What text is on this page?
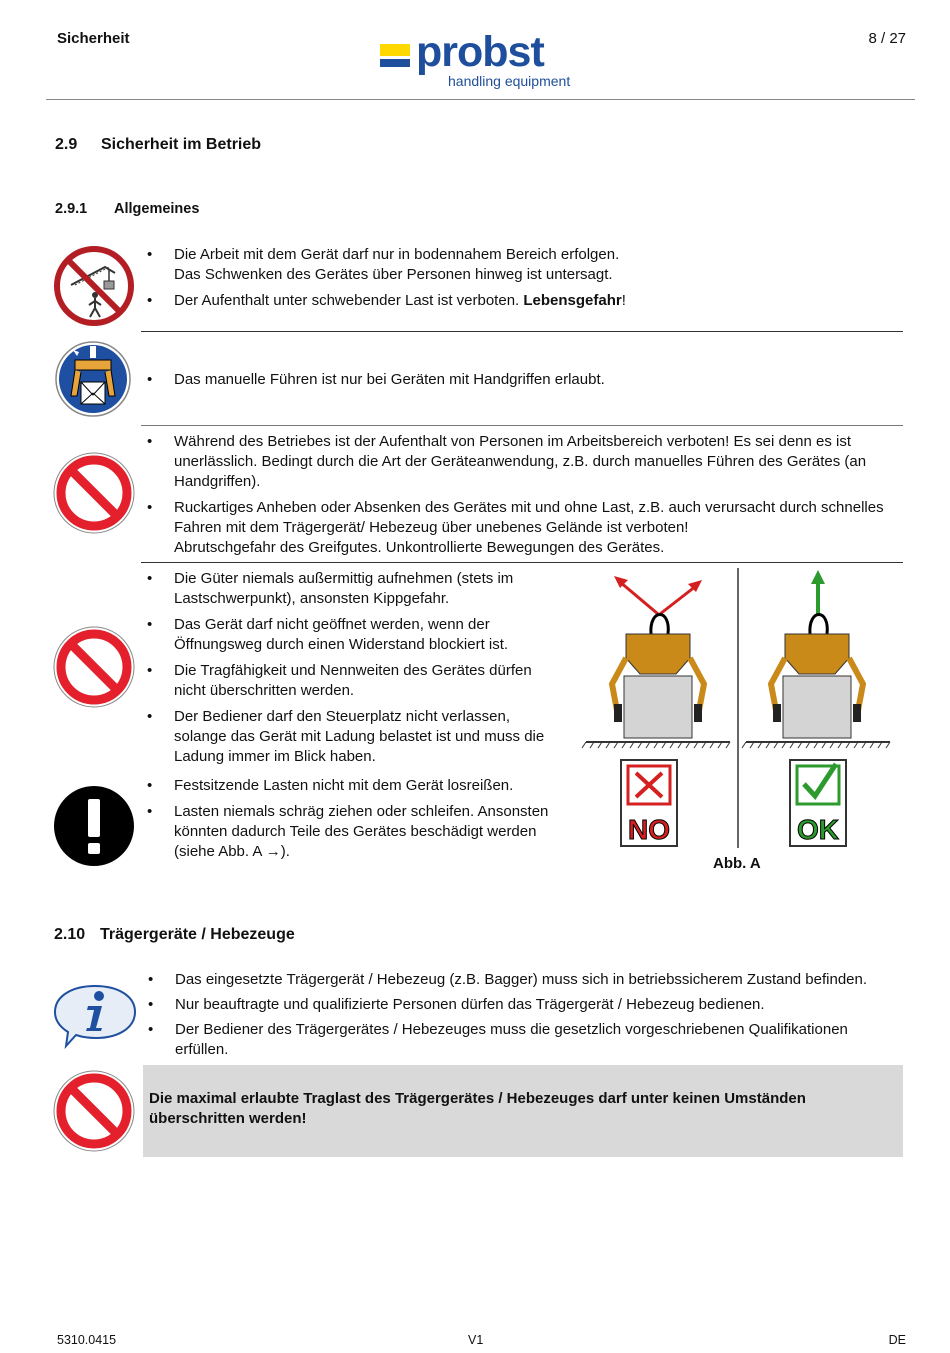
Sicherheit	probst
handling equipment
8 / 27
2.9 Sicherheit im Betrieb
2.9.1 Allgemeines
• Die Arbeit mit dem Gerät darf nur in bodennahem Bereich erfolgen.
Das Schwenken des Gerätes über Personen hinweg ist untersagt.
• Der Aufenthalt unter schwebender Last ist verboten. Lebensgefahr!
• Das manuelle Führen ist nur bei Geräten mit Handgriffen erlaubt.
• Während des Betriebes ist der Aufenthalt von Personen im Arbeitsbereich verboten! Es sei denn es ist unerlässlich. Bedingt durch die Art der Geräteanwendung, z.B. durch manuelles Führen des Gerätes (an Handgriffen).
• Ruckartiges Anheben oder Absenken des Gerätes mit und ohne Last, z.B. auch verursacht durch schnelles Fahren mit dem Trägergerät/ Hebezeug über unebenes Gelände ist verboten!
Abrutschgefahr des Greifgutes. Unkontrollierte Bewegungen des Gerätes.
• Die Güter niemals außermittig aufnehmen (stets im Lastschwerpunkt), ansonsten Kippgefahr.
• Das Gerät darf nicht geöffnet werden, wenn der Öffnungsweg durch einen Widerstand blockiert ist.
• Die Tragfähigkeit und Nennweiten des Gerätes dürfen nicht überschritten werden.
• Der Bediener darf den Steuerplatz nicht verlassen, solange das Gerät mit Ladung belastet ist und muss die Ladung immer im Blick haben.
• Festsitzende Lasten nicht mit dem Gerät losreißen.
• Lasten niemals schräg ziehen oder schleifen. Ansonsten könnten dadurch Teile des Gerätes beschädigt werden (siehe Abb. A →).
NO	OK
Abb. A
2.10 Trägergeräte / Hebezeuge
• Das eingesetzte Trägergerät / Hebezeug (z.B. Bagger) muss sich in betriebssicherem Zustand befinden.
• Nur beauftragte und qualifizierte Personen dürfen das Trägergerät / Hebezeug bedienen.
• Der Bediener des Trägergerätes / Hebezeuges muss die gesetzlich vorgeschriebenen Qualifikationen erfüllen.
Die maximal erlaubte Traglast des Trägergerätes / Hebezeuges darf unter keinen Umständen überschritten werden!
5310.0415	V1	DE
